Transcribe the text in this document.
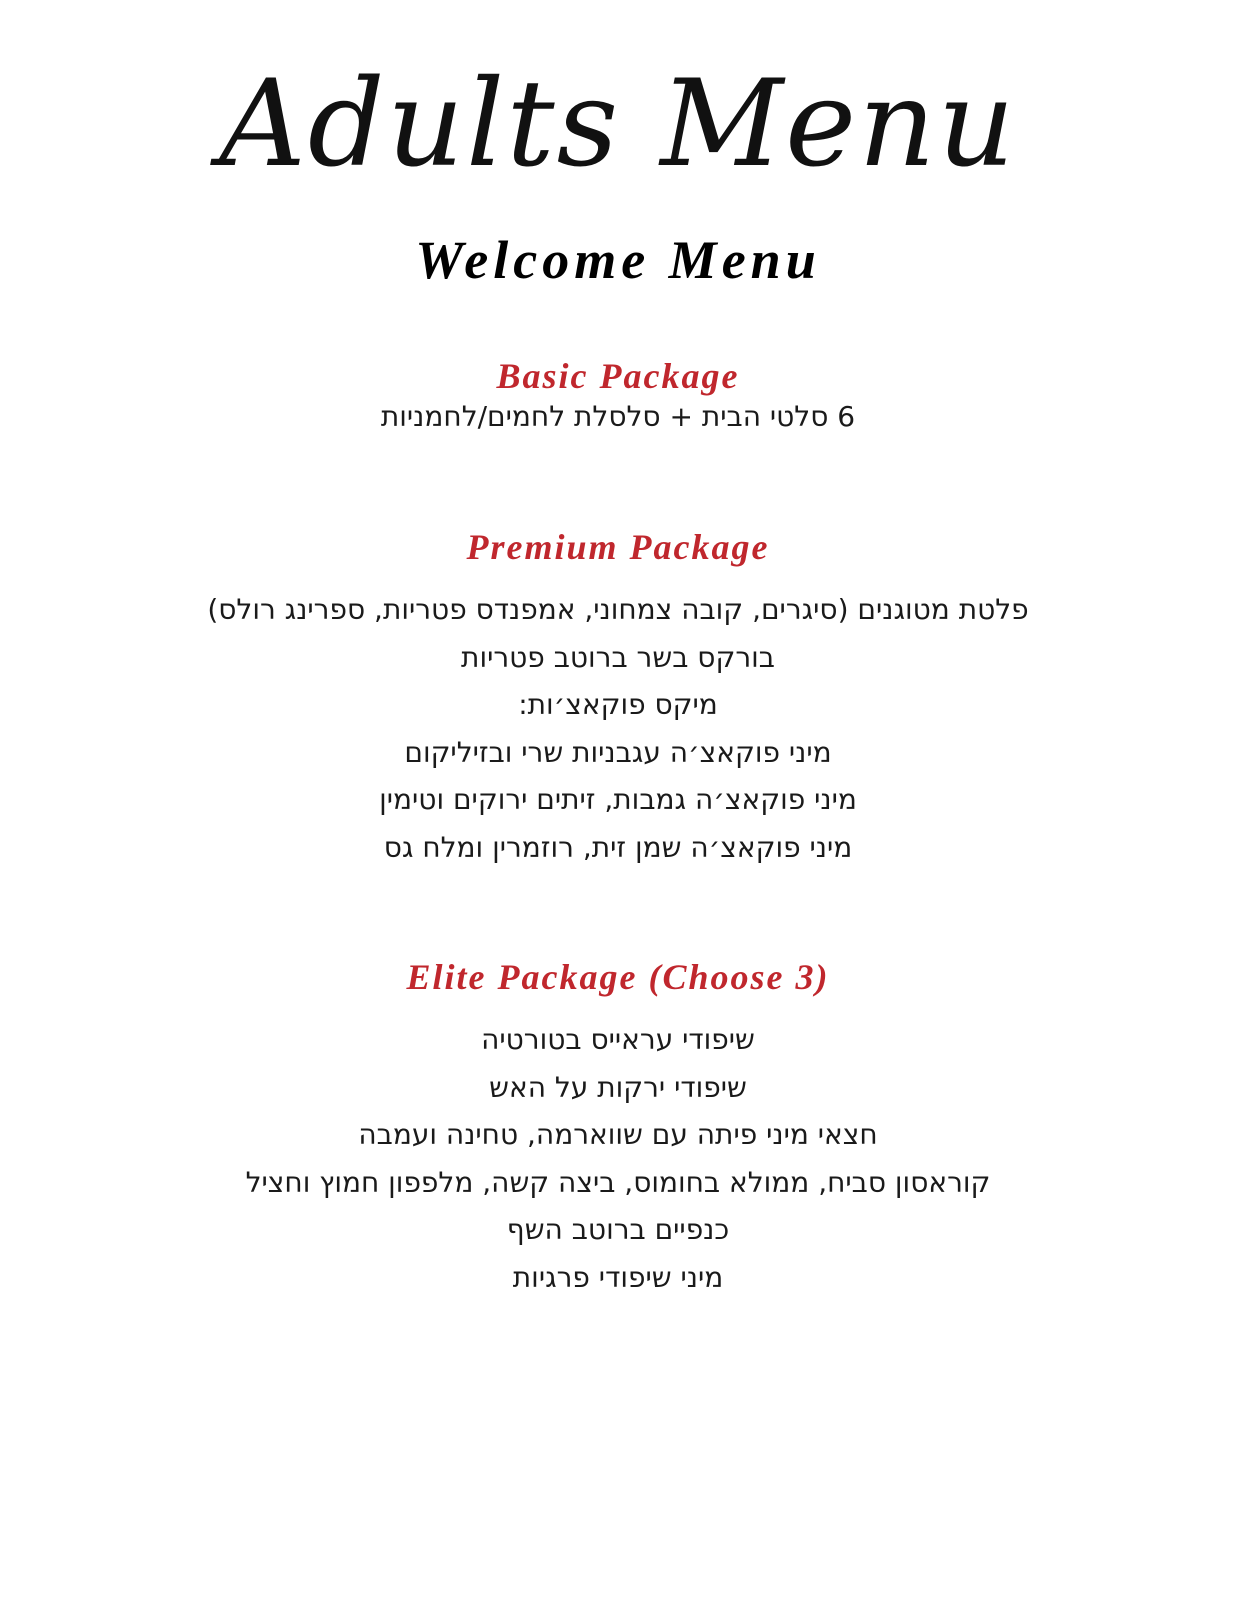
Adults Menu
Welcome Menu
Basic Package

6 סלטי הבית + סלסלת לחמים/לחמניות

Premium Package

פלטת מטוגנים (סיגרים, קובה צמחוני, אמפנדס פטריות, ספרינג רולס)

בורקס בשר ברוטב פטריות

מיקס פוקאצ׳ות:

מיני פוקאצ׳ה עגבניות שרי ובזיליקום

מיני פוקאצ׳ה גמבות, זיתים ירוקים וטימין

מיני פוקאצ׳ה שמן זית, רוזמרין ומלח גס

Elite Package (Choose 3)

שיפודי עראייס בטורטיה

שיפודי ירקות על האש

חצאי מיני פיתה עם שווארמה, טחינה ועמבה

קוראסון סביח, ממולא בחומוס, ביצה קשה, מלפפון חמוץ וחציל

כנפיים ברוטב השף

מיני שיפודי פרגיות
